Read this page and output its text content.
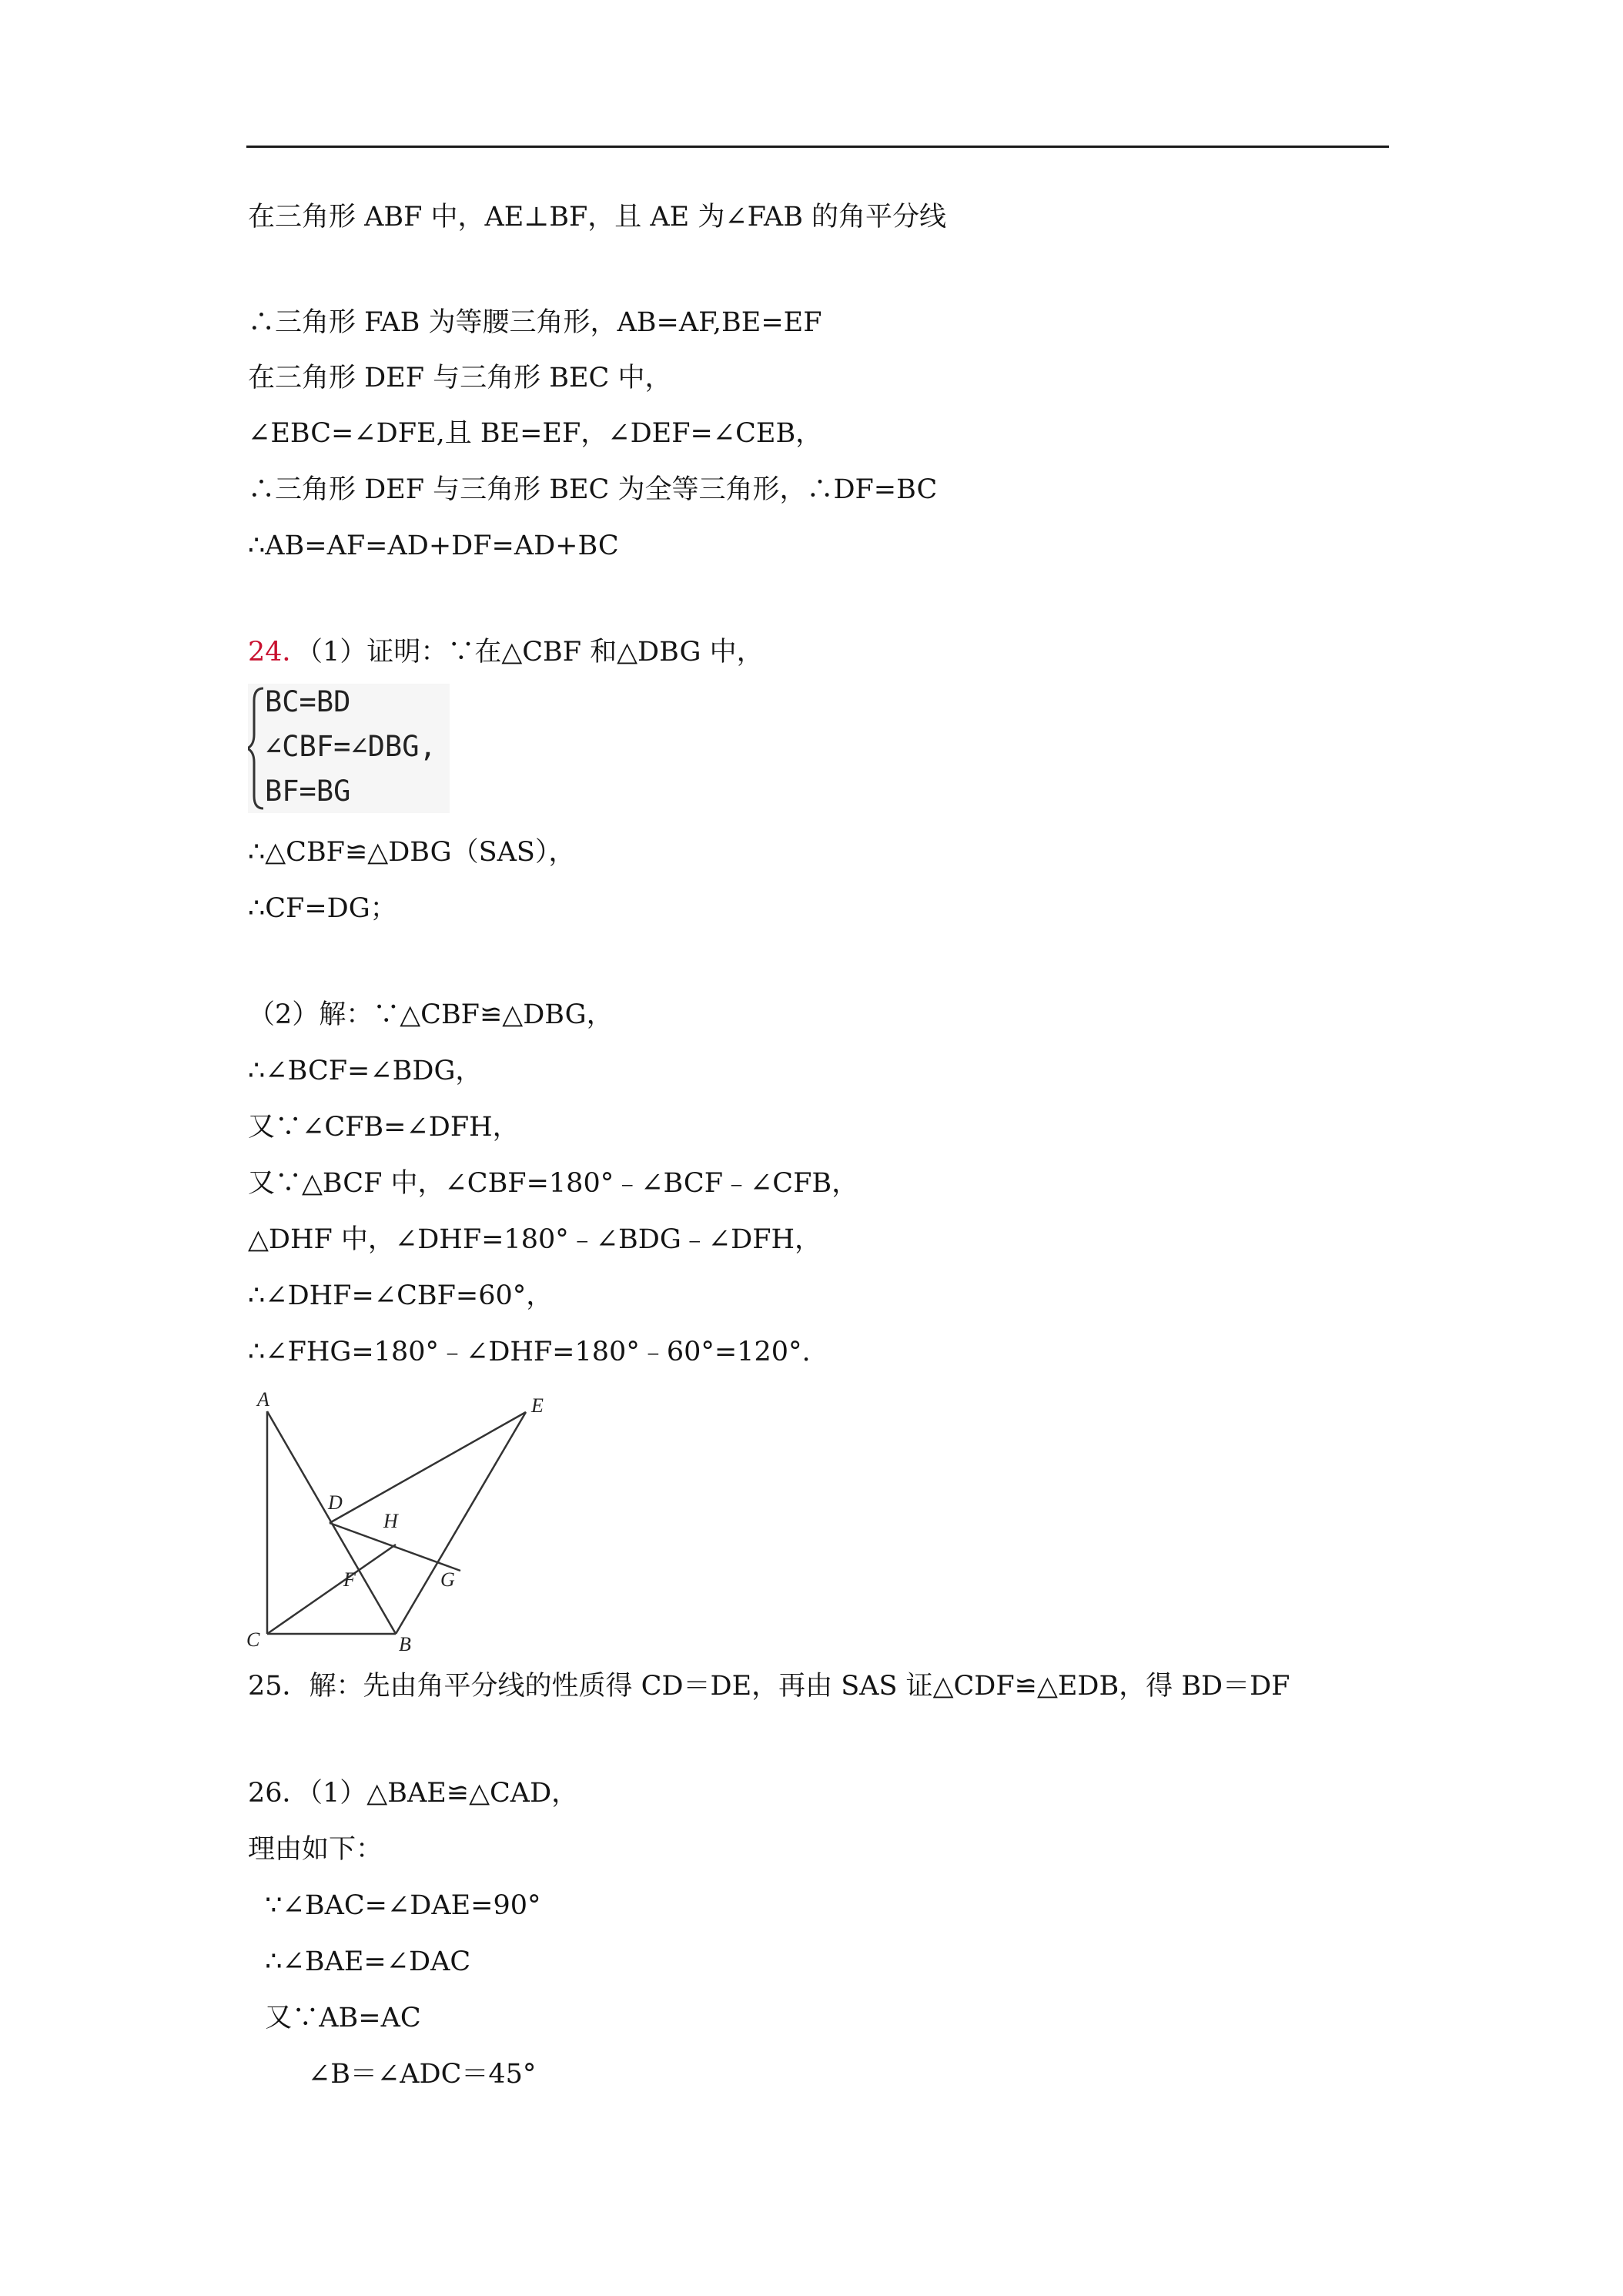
在三角形 ABF 中，AE⊥BF，且 AE 为∠FAB 的角平分线
∴三角形 FAB 为等腰三角形，AB=AF,BE=EF
在三角形 DEF 与三角形 BEC 中，
∠EBC=∠DFE,且 BE=EF，∠DEF=∠CEB，
∴三角形 DEF 与三角形 BEC 为全等三角形，∴DF=BC
∴AB=AF=AD+DF=AD+BC
24．（1）证明：∵在△CBF 和△DBG 中，
BC=BD
∠CBF=∠DBG,
BF=BG
∴△CBF≌△DBG（SAS），
∴CF=DG；
（2）解：∵△CBF≌△DBG，
∴∠BCF=∠BDG，
又∵∠CFB=∠DFH，
又∵△BCF 中，∠CBF=180°﹣∠BCF﹣∠CFB，
△DHF 中，∠DHF=180°﹣∠BDG﹣∠DFH，
∴∠DHF=∠CBF=60°，
∴∠FHG=180°﹣∠DHF=180°﹣60°=120°.
A	E
D
H
F	G
C	B
25．解：先由角平分线的性质得 CD＝DE，再由 SAS 证△CDF≌△EDB，得 BD＝DF
26．（1）△BAE≌△CAD，
理由如下：
∵∠BAC=∠DAE=90°
∴∠BAE=∠DAC
又∵AB=AC
∠B＝∠ADC＝45°
